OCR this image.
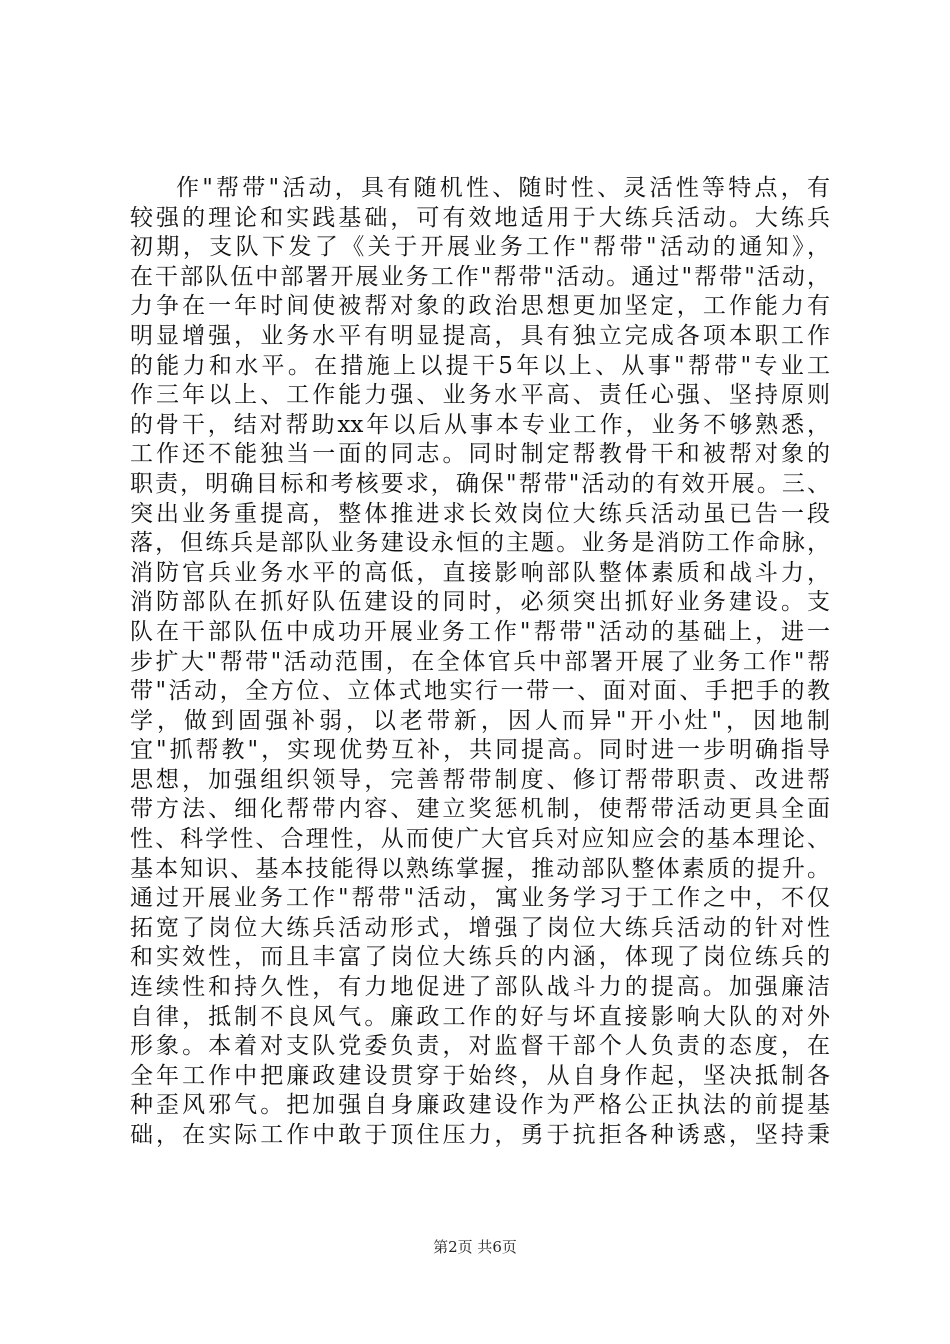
作"帮带"活动，具有随机性、随时性、灵活性等特点，有
较强的理论和实践基础，可有效地适用于大练兵活动。大练兵
初期，支队下发了《关于开展业务工作"帮带"活动的通知》，
在干部队伍中部署开展业务工作"帮带"活动。通过"帮带"活动，
力争在一年时间使被帮对象的政治思想更加坚定，工作能力有
明显增强，业务水平有明显提高，具有独立完成各项本职工作
的能力和水平。在措施上以提干5年以上、从事"帮带"专业工
作三年以上、工作能力强、业务水平高、责任心强、坚持原则
的骨干，结对帮助xx年以后从事本专业工作，业务不够熟悉，
工作还不能独当一面的同志。同时制定帮教骨干和被帮对象的
职责，明确目标和考核要求，确保"帮带"活动的有效开展。三、
突出业务重提高，整体推进求长效岗位大练兵活动虽已告一段
落，但练兵是部队业务建设永恒的主题。业务是消防工作命脉，
消防官兵业务水平的高低，直接影响部队整体素质和战斗力，
消防部队在抓好队伍建设的同时，必须突出抓好业务建设。支
队在干部队伍中成功开展业务工作"帮带"活动的基础上，进一
步扩大"帮带"活动范围，在全体官兵中部署开展了业务工作"帮
带"活动，全方位、立体式地实行一带一、面对面、手把手的教
学，做到固强补弱，以老带新，因人而异"开小灶"，因地制
宜"抓帮教"，实现优势互补，共同提高。同时进一步明确指导
思想，加强组织领导，完善帮带制度、修订帮带职责、改进帮
带方法、细化帮带内容、建立奖惩机制，使帮带活动更具全面
性、科学性、合理性，从而使广大官兵对应知应会的基本理论、
基本知识、基本技能得以熟练掌握，推动部队整体素质的提升。
通过开展业务工作"帮带"活动，寓业务学习于工作之中，不仅
拓宽了岗位大练兵活动形式，增强了岗位大练兵活动的针对性
和实效性，而且丰富了岗位大练兵的内涵，体现了岗位练兵的
连续性和持久性，有力地促进了部队战斗力的提高。加强廉洁
自律，抵制不良风气。廉政工作的好与坏直接影响大队的对外
形象。本着对支队党委负责，对监督干部个人负责的态度，在
全年工作中把廉政建设贯穿于始终，从自身作起，坚决抵制各
种歪风邪气。把加强自身廉政建设作为严格公正执法的前提基
础，在实际工作中敢于顶住压力，勇于抗拒各种诱惑，坚持秉
第2页 共6页
